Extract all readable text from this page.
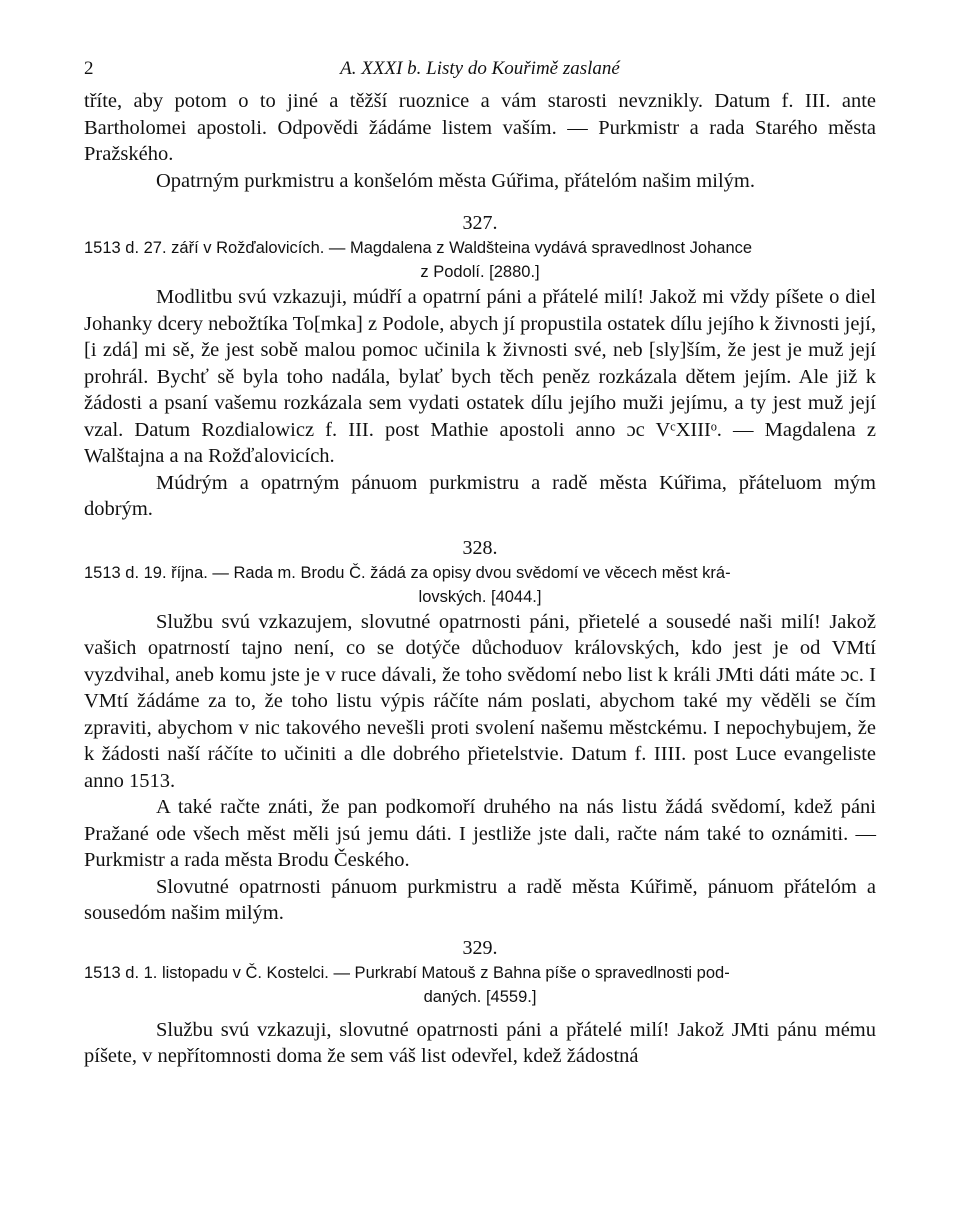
2	A. XXXI b. Listy do Kouřimě zaslané

tříte, aby potom o to jiné a těžší ruoznice a vám starosti nevznikly. Datum f. III. ante Bartholomei apostoli. Odpovědi žádáme listem vaším. — Purkmistr a rada Starého města Pražského.

Opatrným purkmistru a konšelóm města Gúřima, přátelóm našim milým.

327.

1513 d. 27. září v Rožďalovicích. — Magdalena z Waldšteina vydává spravedlnost Johance
z Podolí. [2880.]

Modlitbu svú vzkazuji, múdří a opatrní páni a přátelé milí! Jakož mi vždy píšete o diel Johanky dcery nebožtíka To[mka] z Podole, abych jí propustila ostatek dílu jejího k živnosti její, [i zdá] mi sě, že jest sobě malou pomoc učinila k živnosti své, neb [sly]ším, že jest je muž její prohrál. Bychť sě byla toho nadála, bylať bych těch peněz rozkázala dětem jejím. Ale již k žádosti a psaní vašemu rozkázala sem vydati ostatek dílu jejího muži jejímu, a ty jest muž její vzal. Datum Rozdialowicz f. III. post Mathie apostoli anno ɔc VᶜXIIIᵒ. — Magdalena z Walštajna a na Rožďalovicích.

Múdrým a opatrným pánuom purkmistru a radě města Kúřima, přáteluom mým dobrým.

328.

1513 d. 19. října. — Rada m. Brodu Č. žádá za opisy dvou svědomí ve věcech měst krá-
lovských. [4044.]

Službu svú vzkazujem, slovutné opatrnosti páni, přietelé a sousedé naši milí! Jakož vašich opatrností tajno není, co se dotýče důchoduov královských, kdo jest je od VMtí vyzdvihal, aneb komu jste je v ruce dávali, že toho svědomí nebo list k králi JMti dáti máte ɔc. I VMtí žádáme za to, že toho listu výpis ráčíte nám poslati, abychom také my věděli se čím zpraviti, abychom v nic takového nevešli proti svolení našemu městckému. I nepochybujem, že k žádosti naší ráčíte to učiniti a dle dobrého přietelstvie. Datum f. IIII. post Luce evangeliste anno 1513.

A také račte znáti, že pan podkomoří druhého na nás listu žádá svědomí, kdež páni Pražané ode všech měst měli jsú jemu dáti. I jestliže jste dali, račte nám také to oznámiti. — Purkmistr a rada města Brodu Českého.

Slovutné opatrnosti pánuom purkmistru a radě města Kúřimě, pánuom přátelóm a sousedóm našim milým.

329.

1513 d. 1. listopadu v Č. Kostelci. — Purkrabí Matouš z Bahna píše o spravedlnosti pod-
daných. [4559.]

Službu svú vzkazuji, slovutné opatrnosti páni a přátelé milí! Jakož JMti pánu mému píšete, v nepřítomnosti doma že sem váš list odevřel, kdež žádostná
